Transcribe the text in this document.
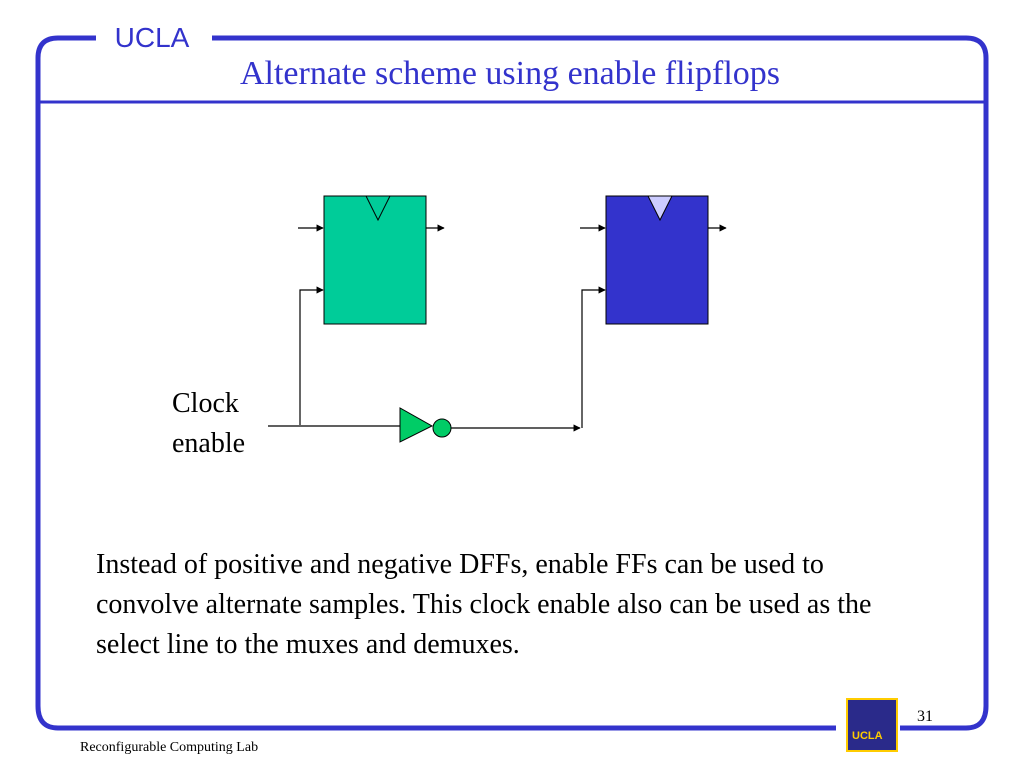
UCLA
Alternate scheme using enable flipflops
Clock
enable
Instead of positive and negative DFFs, enable FFs can be used to convolve alternate samples. This clock enable also can be used as the select line to the muxes and demuxes.
UCLA
31
Reconfigurable Computing Lab
